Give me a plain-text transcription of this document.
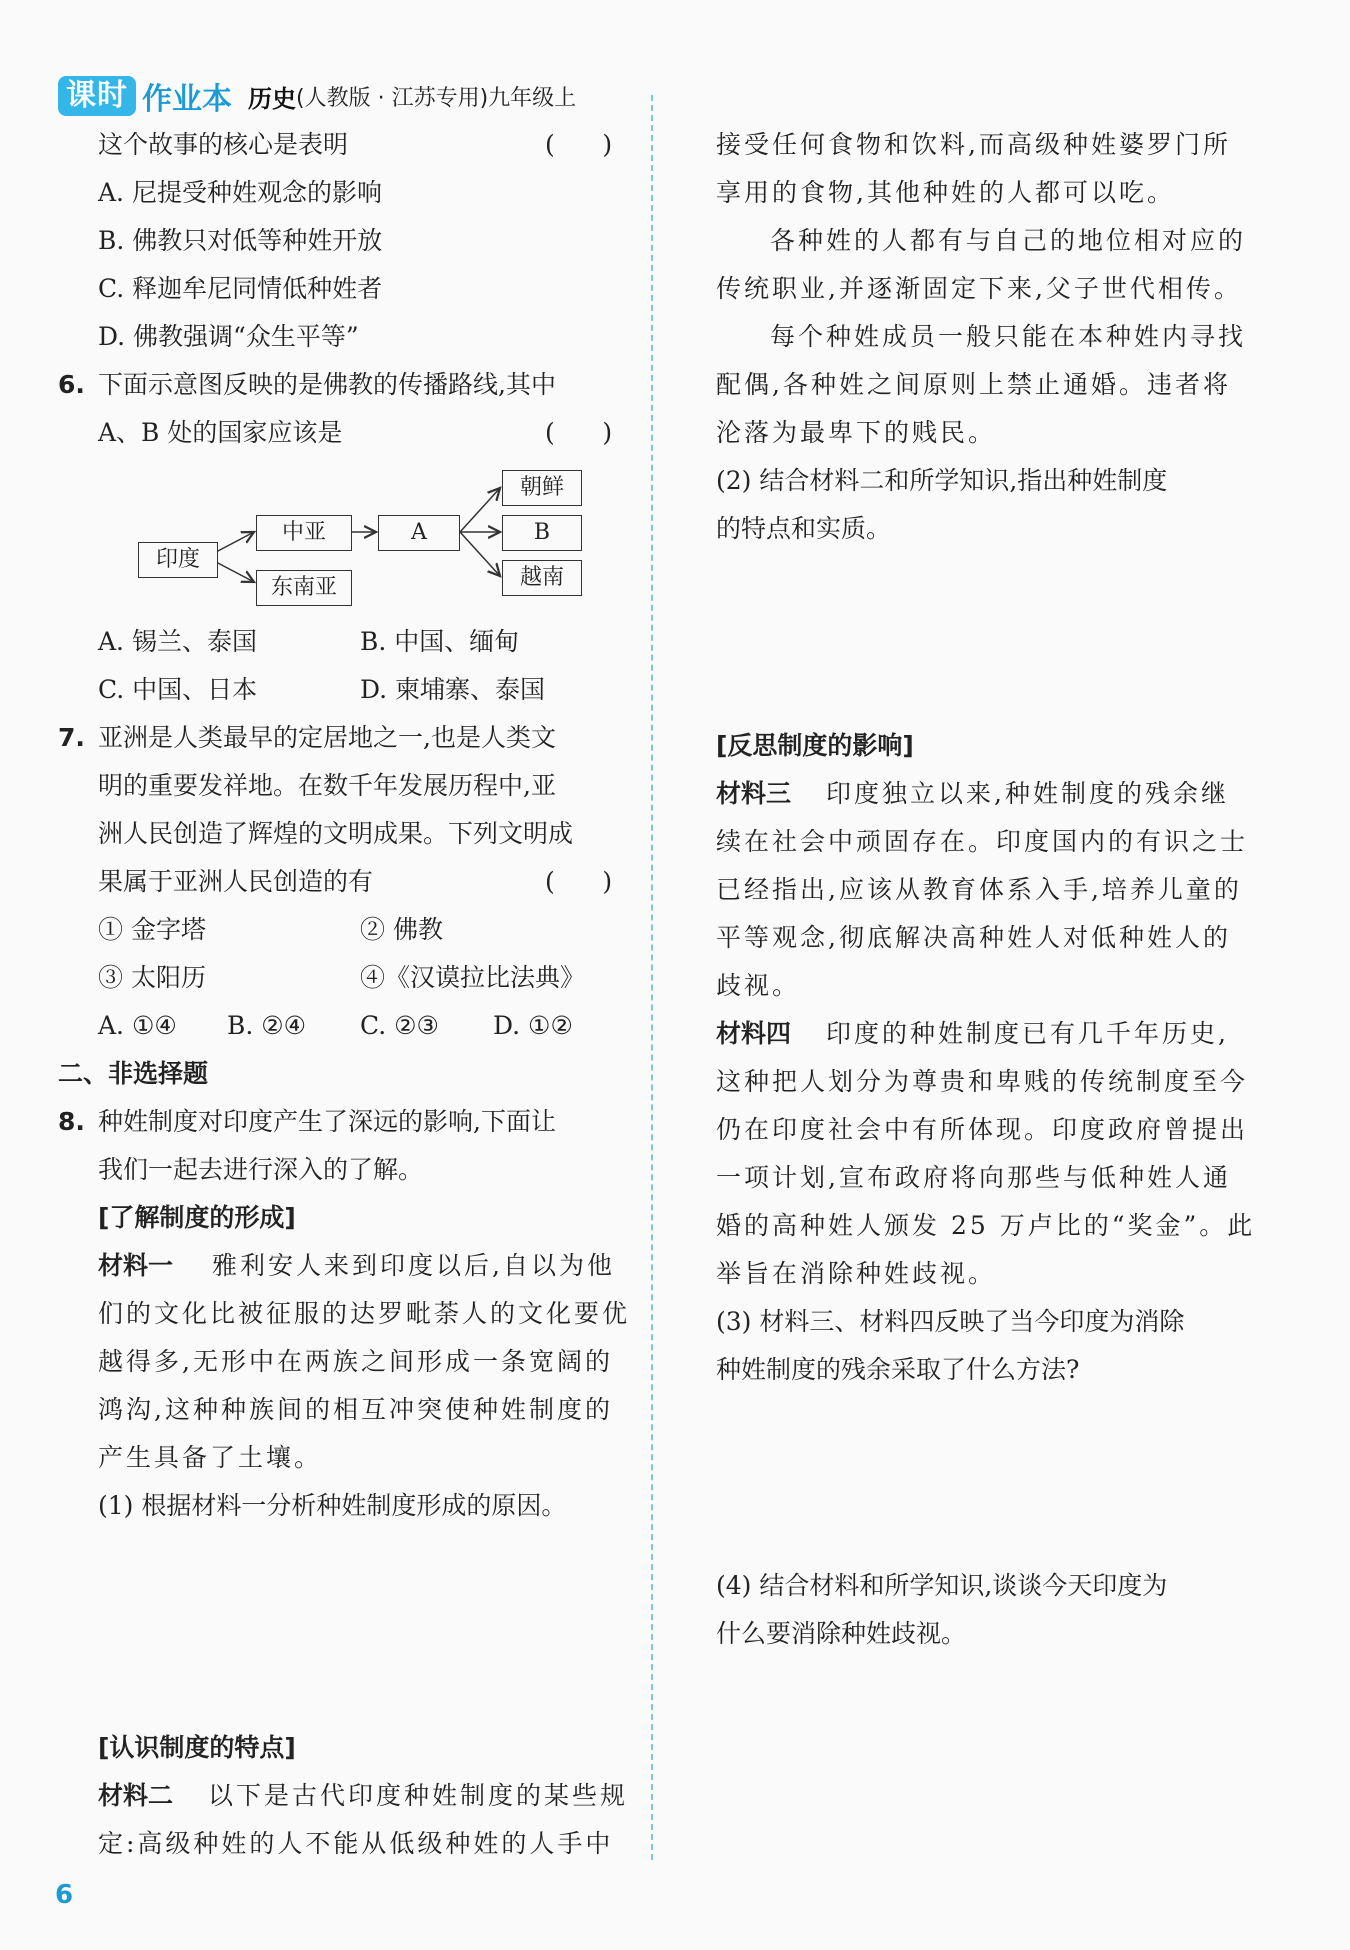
课时 作业本 历史 (人教版 · 江苏专用)九年级上
这个故事的核心是表明	(      )
A. 尼提受种姓观念的影响
B. 佛教只对低等种姓开放
C. 释迦牟尼同情低种姓者
D. 佛教强调“众生平等”
6. 下面示意图反映的是佛教的传播路线,其中
A、B 处的国家应该是	(      )
印度
中亚
东南亚
A
朝鲜
B
越南
A. 锡兰、泰国	B. 中国、缅甸
C. 中国、日本	D. 柬埔寨、泰国
7. 亚洲是人类最早的定居地之一,也是人类文
明的重要发祥地。在数千年发展历程中,亚
洲人民创造了辉煌的文明成果。下列文明成
果属于亚洲人民创造的有	(      )
① 金字塔	② 佛教
③ 太阳历	④《汉谟拉比法典》
A. ①④ B. ②④ C. ②③ D. ①②
二、非选择题
8. 种姓制度对印度产生了深远的影响,下面让
我们一起去进行深入的了解。
[了解制度的形成]
材料一 雅利安人来到印度以后,自以为他
们的文化比被征服的达罗毗荼人的文化要优
越得多,无形中在两族之间形成一条宽阔的
鸿沟,这种种族间的相互冲突使种姓制度的
产生具备了土壤。
(1) 根据材料一分析种姓制度形成的原因。
[认识制度的特点]
材料二 以下是古代印度种姓制度的某些规
定:高级种姓的人不能从低级种姓的人手中
接受任何食物和饮料,而高级种姓婆罗门所
享用的食物,其他种姓的人都可以吃。
各种姓的人都有与自己的地位相对应的
传统职业,并逐渐固定下来,父子世代相传。
每个种姓成员一般只能在本种姓内寻找
配偶,各种姓之间原则上禁止通婚。违者将
沦落为最卑下的贱民。
(2) 结合材料二和所学知识,指出种姓制度
的特点和实质。
[反思制度的影响]
材料三 印度独立以来,种姓制度的残余继
续在社会中顽固存在。印度国内的有识之士
已经指出,应该从教育体系入手,培养儿童的
平等观念,彻底解决高种姓人对低种姓人的
歧视。
材料四 印度的种姓制度已有几千年历史,
这种把人划分为尊贵和卑贱的传统制度至今
仍在印度社会中有所体现。印度政府曾提出
一项计划,宣布政府将向那些与低种姓人通
婚的高种姓人颁发 25 万卢比的“奖金”。此
举旨在消除种姓歧视。
(3) 材料三、材料四反映了当今印度为消除
种姓制度的残余采取了什么方法?
(4) 结合材料和所学知识,谈谈今天印度为
什么要消除种姓歧视。
6
